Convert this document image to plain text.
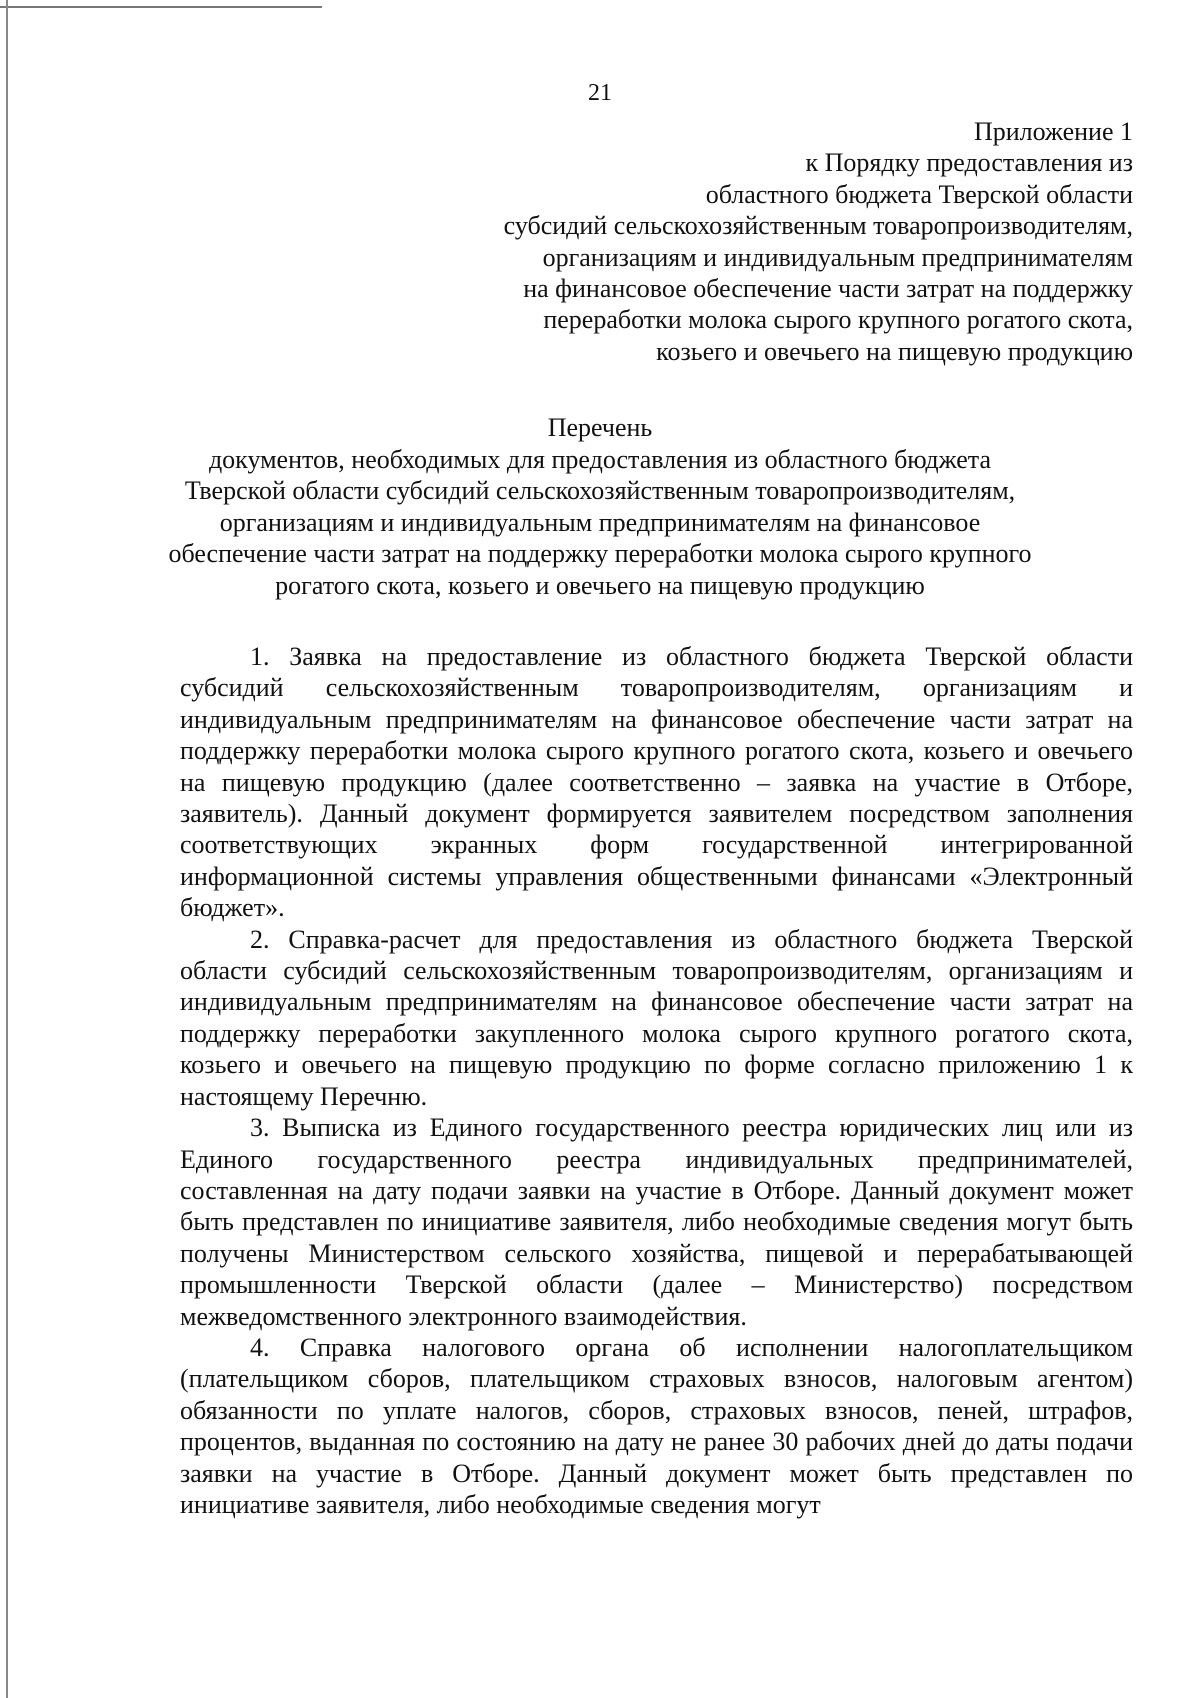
21
Приложение 1
к Порядку предоставления из
областного бюджета Тверской области
субсидий сельскохозяйственным товаропроизводителям,
организациям и индивидуальным предпринимателям
на финансовое обеспечение части затрат на поддержку
переработки молока сырого крупного рогатого скота,
козьего и овечьего на пищевую продукцию
Перечень
документов, необходимых для предоставления из областного бюджета
Тверской области субсидий сельскохозяйственным товаропроизводителям,
организациям и индивидуальным предпринимателям на финансовое
обеспечение части затрат на поддержку переработки молока сырого крупного
рогатого скота, козьего и овечьего на пищевую продукцию

1. Заявка на предоставление из областного бюджета Тверской области субсидий сельскохозяйственным товаропроизводителям, организациям и индивидуальным предпринимателям на финансовое обеспечение части затрат на поддержку переработки молока сырого крупного рогатого скота, козьего и овечьего на пищевую продукцию (далее соответственно – заявка на участие в Отборе, заявитель). Данный документ формируется заявителем посредством заполнения соответствующих экранных форм государственной интегрированной информационной системы управления общественными финансами «Электронный бюджет».

2. Справка-расчет для предоставления из областного бюджета Тверской области субсидий сельскохозяйственным товаропроизводителям, организациям и индивидуальным предпринимателям на финансовое обеспечение части затрат на поддержку переработки закупленного молока сырого крупного рогатого скота, козьего и овечьего на пищевую продукцию по форме согласно приложению 1 к настоящему Перечню.

3. Выписка из Единого государственного реестра юридических лиц или из Единого государственного реестра индивидуальных предпринимателей, составленная на дату подачи заявки на участие в Отборе. Данный документ может быть представлен по инициативе заявителя, либо необходимые сведения могут быть получены Министерством сельского хозяйства, пищевой и перерабатывающей промышленности Тверской области (далее – Министерство) посредством межведомственного электронного взаимодействия.

4. Справка налогового органа об исполнении налогоплательщиком (плательщиком сборов, плательщиком страховых взносов, налоговым агентом) обязанности по уплате налогов, сборов, страховых взносов, пеней, штрафов, процентов, выданная по состоянию на дату не ранее 30 рабочих дней до даты подачи заявки на участие в Отборе. Данный документ может быть представлен по инициативе заявителя, либо необходимые сведения могут
